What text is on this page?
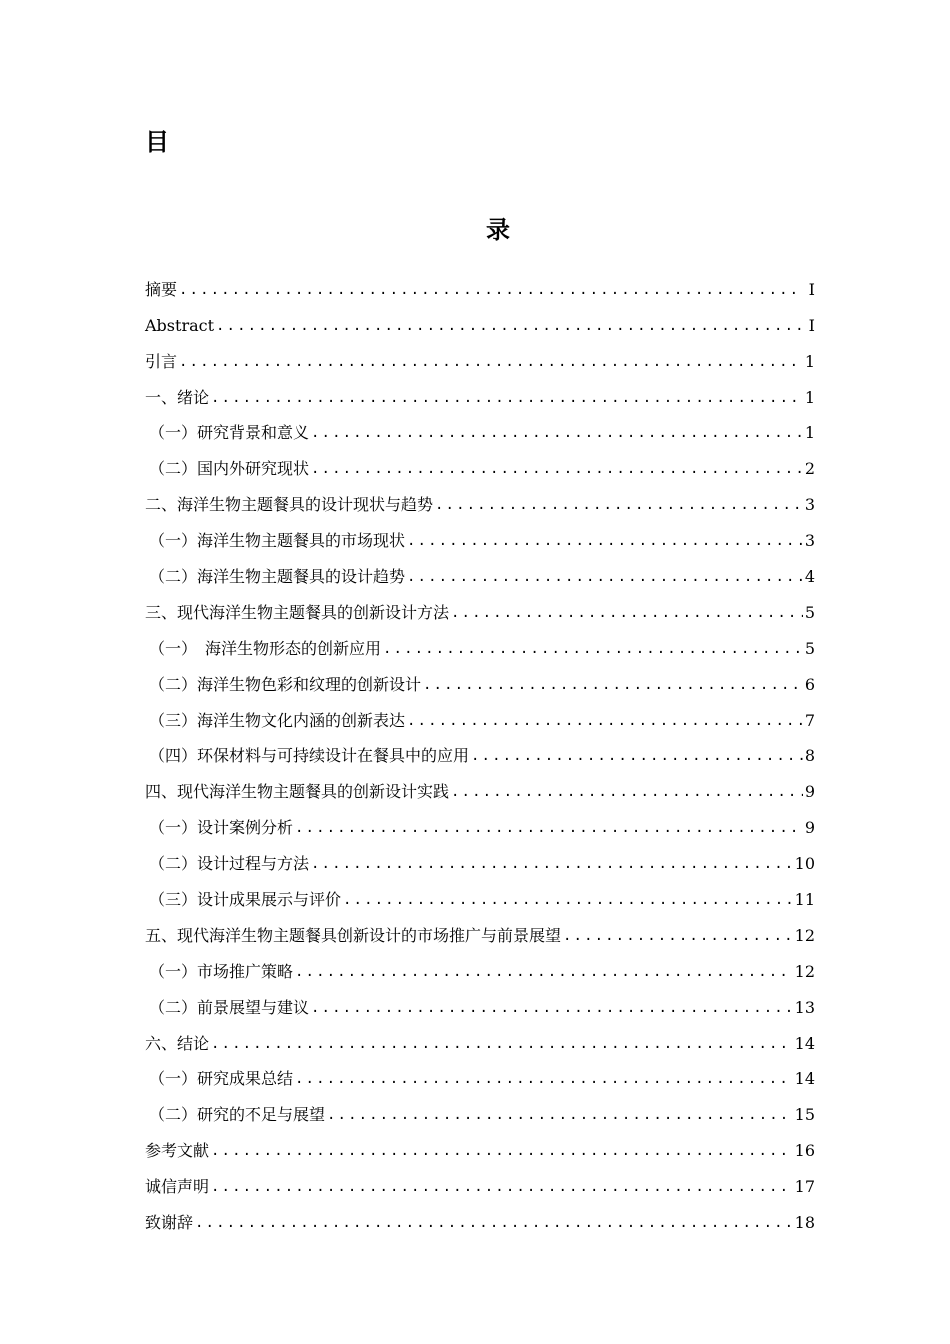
目
录
摘要 .....	Ⅰ
Abstract .....	Ⅰ
引言 .....	1
一、绪论 .....	1
（一）研究背景和意义 .....	1
（二）国内外研究现状 .....	2
二、海洋生物主题餐具的设计现状与趋势 .....	3
（一）海洋生物主题餐具的市场现状 .....	3
（二）海洋生物主题餐具的设计趋势 .....	4
三、现代海洋生物主题餐具的创新设计方法 .....	5
（一）　海洋生物形态的创新应用 .....	5
（二）海洋生物色彩和纹理的创新设计 .....	6
（三）海洋生物文化内涵的创新表达 .....	7
（四）环保材料与可持续设计在餐具中的应用 .....	8
四、现代海洋生物主题餐具的创新设计实践 .....	9
（一）设计案例分析 .....	9
（二）设计过程与方法 .....	10
（三）设计成果展示与评价 .....	11
五、现代海洋生物主题餐具创新设计的市场推广与前景展望 .....	12
（一）市场推广策略 .....	12
（二）前景展望与建议 .....	13
六、结论 .....	14
（一）研究成果总结 .....	14
（二）研究的不足与展望 .....	15
参考文献 .....	16
诚信声明 .....	17
致谢辞 .....	18
